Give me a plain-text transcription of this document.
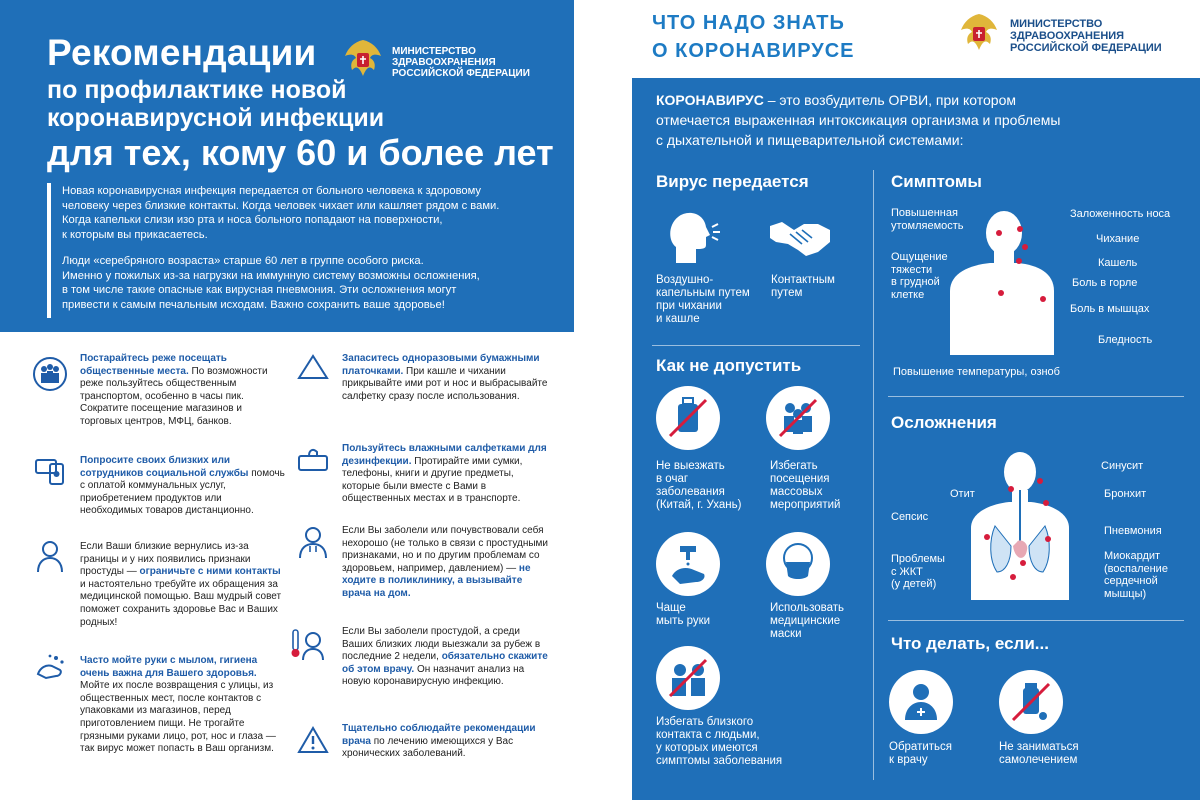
Рекомендации
по профилактике новой
коронавирусной инфекции
для тех, кому 60 и более лет
МИНИСТЕРСТВО
ЗДРАВООХРАНЕНИЯ
РОССИЙСКОЙ ФЕДЕРАЦИИ

Новая коронавирусная инфекция передается от больного человека к здоровому

человеку через близкие контакты. Когда человек чихает или кашляет рядом с вами.

Когда капельки слизи изо рта и носа больного попадают на поверхности,

к которым вы прикасаетесь.

Люди «серебряного возраста» старше 60 лет в группе особого риска.

Именно у пожилых из-за нагрузки на иммунную систему возможны осложнения,

в том числе такие опасные как вирусная пневмония. Эти осложнения могут

привести к самым печальным исходам. Важно сохранить ваше здоровье!

Постарайтесь реже посещать общественные места. По возможности реже пользуйтесь общественным транспортом, особенно в часы пик. Сократите посещение магазинов и торговых центров, МФЦ, банков.
Попросите своих близких или сотрудников социальной службы помочь с оплатой коммунальных услуг, приобретением продуктов или необходимых товаров дистанционно.
Если Ваши близкие вернулись из-за границы и у них появились признаки простуды — ограничьте с ними контакты и настоятельно требуйте их обращения за медицинской помощью. Ваш мудрый совет поможет сохранить здоровье Вас и Ваших родных!
Часто мойте руки с мылом, гигиена очень важна для Вашего здоровья. Мойте их после возвращения с улицы, из общественных мест, после контактов с упаковками из магазинов, перед приготовлением пищи. Не трогайте грязными руками лицо, рот, нос и глаза — так вирус может попасть в Ваш организм.
Запаситесь одноразовыми бумажными платочками. При кашле и чихании прикрывайте ими рот и нос и выбрасывайте салфетку сразу после использования.
Пользуйтесь влажными салфетками для дезинфекции. Протирайте ими сумки, телефоны, книги и другие предметы, которые были вместе с Вами в общественных местах и в транспорте.
Если Вы заболели или почувствовали себя нехорошо (не только в связи с простудными признаками, но и по другим проблемам со здоровьем, например, давлением) — не ходите в поликлинику, а вызывайте врача на дом.
Если Вы заболели простудой, а среди Ваших близких люди выезжали за рубеж в последние 2 недели, обязательно скажите об этом врачу. Он назначит анализ на новую коронавирусную инфекцию.
Тщательно соблюдайте рекомендации врача по лечению имеющихся у Вас хронических заболеваний.
ЧТО НАДО ЗНАТЬ
О КОРОНАВИРУСЕ
МИНИСТЕРСТВО
ЗДРАВООХРАНЕНИЯ
РОССИЙСКОЙ ФЕДЕРАЦИИ
КОРОНАВИРУС – это возбудитель ОРВИ, при котором
отмечается выраженная интоксикация организма и проблемы
с дыхательной и пищеварительной системами:
Вирус передается
Воздушно-
капельным путем
при чихании
и кашле
Контактным
путем
Симптомы
Повышенная
утомляемость
Ощущение
тяжести
в грудной
клетке
Заложенность носа
Чихание
Кашель
Боль в горле
Боль в мышцах
Бледность
Повышение температуры, озноб
Как не допустить
Не выезжать
в очаг
заболевания
(Китай, г. Ухань)
Избегать
посещения
массовых
мероприятий
Чаще
мыть руки
Использовать
медицинские
маски
Избегать близкого
контакта с людьми,
у которых имеются
симптомы заболевания
Осложнения
Синусит
Отит	Бронхит
Сепсис
Пневмония
Проблемы
с ЖКТ
(у детей)
Миокардит
(воспаление
сердечной
мышцы)
Что делать, если...
Обратиться
к врачу
Не заниматься
самолечением
